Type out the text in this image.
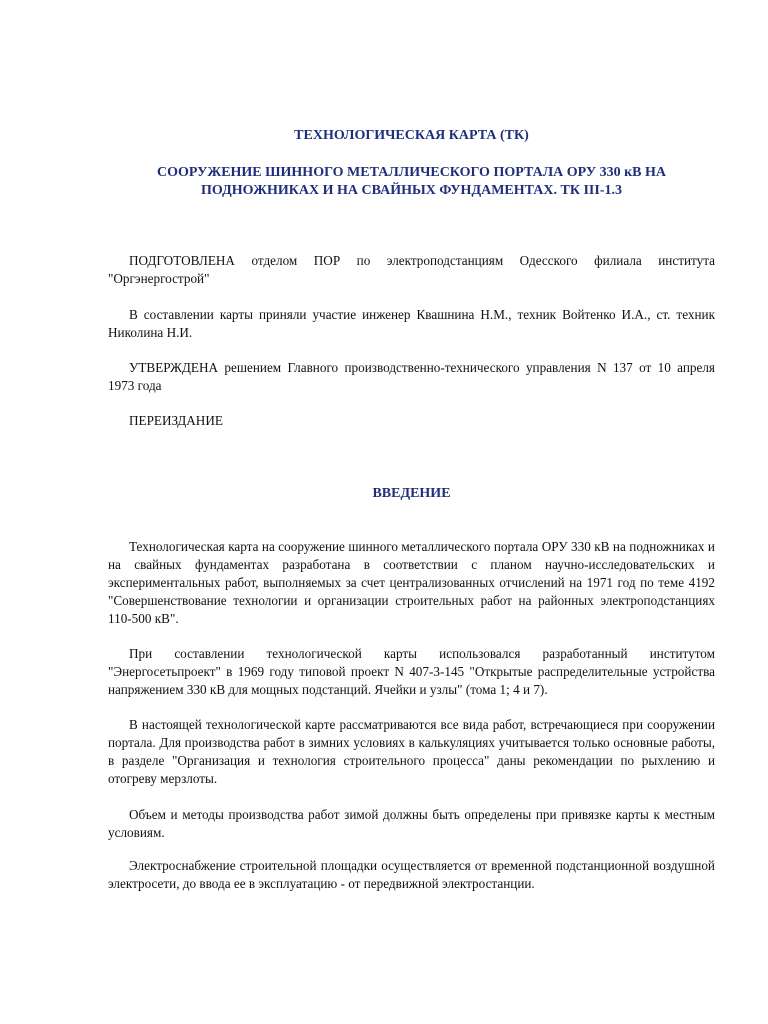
ТЕХНОЛОГИЧЕСКАЯ КАРТА (ТК)
СООРУЖЕНИЕ ШИННОГО МЕТАЛЛИЧЕСКОГО ПОРТАЛА ОРУ 330 кВ НА ПОДНОЖНИКАХ И НА СВАЙНЫХ ФУНДАМЕНТАХ. ТК III-1.3

ПОДГОТОВЛЕНА отделом ПОР по электроподстанциям Одесского филиала института "Оргэнергострой"

В составлении карты приняли участие инженер Квашнина Н.М., техник Войтенко И.А., ст. техник Николина Н.И.

УТВЕРЖДЕНА решением Главного производственно-технического управления N 137 от 10 апреля 1973 года

ПЕРЕИЗДАНИЕ

ВВЕДЕНИЕ

Технологическая карта на сооружение шинного металлического портала ОРУ 330 кВ на подножниках и на свайных фундаментах разработана в соответствии с планом научно-исследовательских и экспериментальных работ, выполняемых за счет централизованных отчислений на 1971 год по теме 4192 "Совершенствование технологии и организации строительных работ на районных электроподстанциях 110-500 кВ".

При составлении технологической карты использовался разработанный институтом "Энергосетьпроект" в 1969 году типовой проект N 407-3-145 "Открытые распределительные устройства напряжением 330 кВ для мощных подстанций. Ячейки и узлы" (тома 1; 4 и 7).

В настоящей технологической карте рассматриваются все вида работ, встречающиеся при сооружении портала. Для производства работ в зимних условиях в калькуляциях учитывается только основные работы, в разделе "Организация и технология строительного процесса" даны рекомендации по рыхлению и отогреву мерзлоты.

Объем и методы производства работ зимой должны быть определены при привязке карты к местным условиям.

Электроснабжение строительной площадки осуществляется от временной подстанционной воздушной электросети, до ввода ее в эксплуатацию - от передвижной электростанции.
